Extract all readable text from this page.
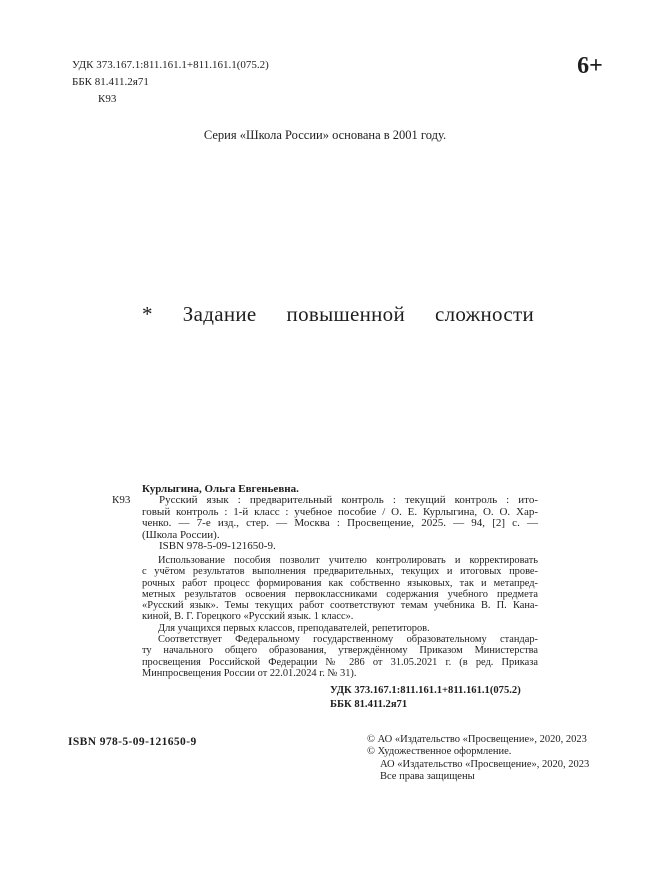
УДК 373.167.1:811.161.1+811.161.1(075.2)
ББК 81.411.2я71
К93
6+
Серия «Школа России» основана в 2001 году.
* Задание повышенной сложности
Курлыгина, Ольга Евгеньевна.
К93	Русский язык : предварительный контроль : текущий контроль : ито-
говый контроль : 1-й класс : учебное пособие / О. Е. Курлыгина, О. О. Хар-
ченко. — 7-е изд., стер. — Москва : Просвещение, 2025. — 94, [2] с. —
(Школа России).
ISBN 978-5-09-121650-9.
Использование пособия позволит учителю контролировать и корректировать
с учётом результатов выполнения предварительных, текущих и итоговых прове-
рочных работ процесс формирования как собственно языковых, так и метапред-
метных результатов освоения первоклассниками содержания учебного предмета
«Русский язык». Темы текущих работ соответствуют темам учебника В. П. Кана-
киной, В. Г. Горецкого «Русский язык. 1 класс».
Для учащихся первых классов, преподавателей, репетиторов.
Соответствует Федеральному государственному образовательному стандар-
ту начального общего образования, утверждённому Приказом Министерства
просвещения Российской Федерации № 286 от 31.05.2021 г. (в ред. Приказа
Минпросвещения России от 22.01.2024 г. № 31).
УДК 373.167.1:811.161.1+811.161.1(075.2)
ББК 81.411.2я71
ISBN 978-5-09-121650-9	© АО «Издательство «Просвещение», 2020, 2023
© Художественное оформление.
АО «Издательство «Просвещение», 2020, 2023
Все права защищены
